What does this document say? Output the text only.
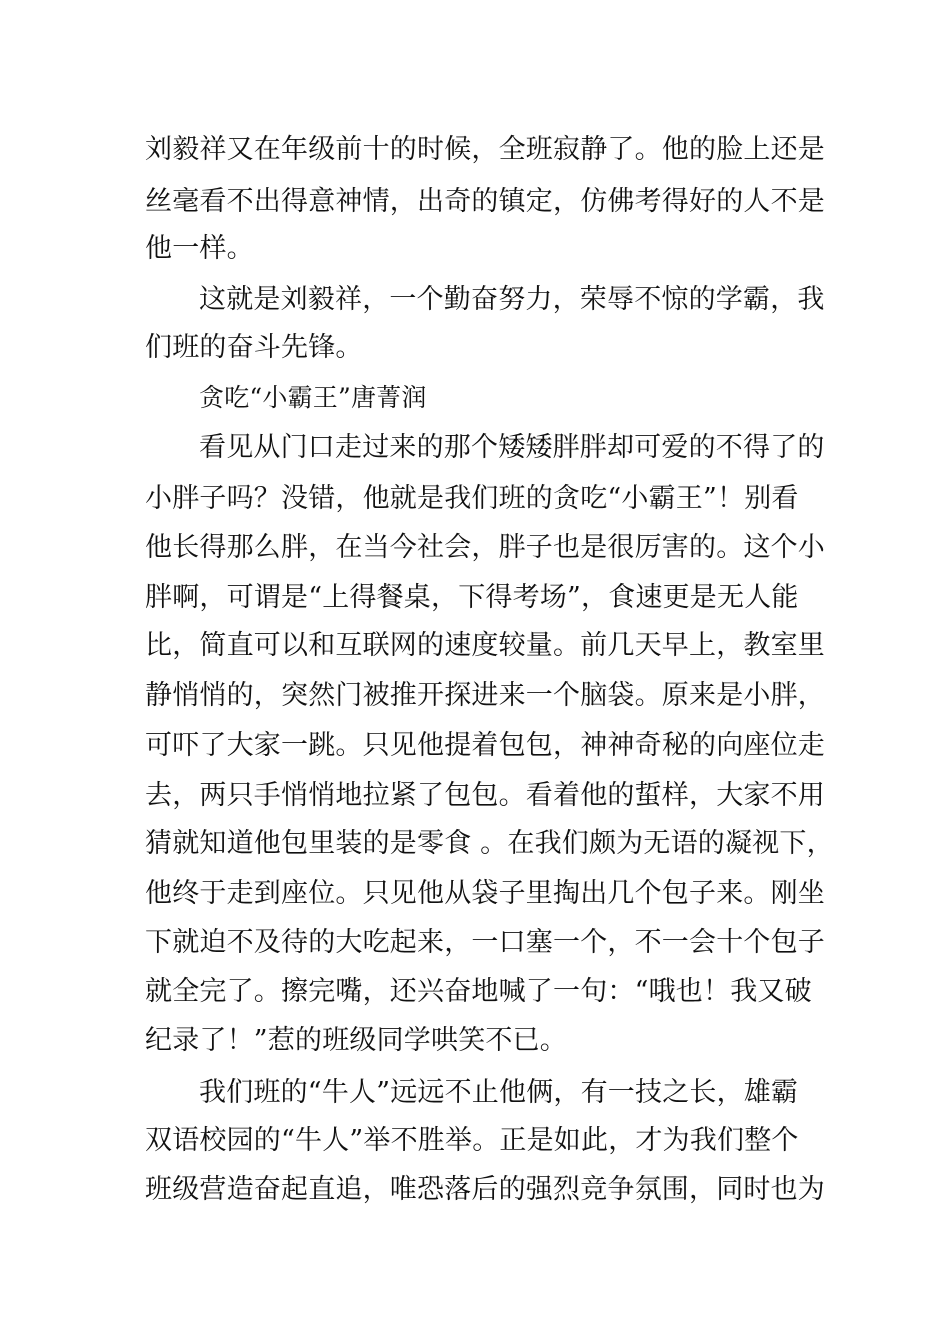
刘毅祥又在年级前十的时候，全班寂静了。他的脸上还是
丝毫看不出得意神情，出奇的镇定，仿佛考得好的人不是
他一样。
这就是刘毅祥，一个勤奋努力，荣辱不惊的学霸，我
们班的奋斗先锋。
贪吃“小霸王”唐菁润
看见从门口走过来的那个矮矮胖胖却可爱的不得了的
小胖子吗？没错，他就是我们班的贪吃“小霸王”！别看
他长得那么胖，在当今社会，胖子也是很厉害的。这个小
胖啊，可谓是“上得餐桌，下得考场”，食速更是无人能
比，简直可以和互联网的速度较量。前几天早上，教室里
静悄悄的，突然门被推开探进来一个脑袋。原来是小胖，
可吓了大家一跳。只见他提着包包，神神奇秘的向座位走
去，两只手悄悄地拉紧了包包。看着他的蜇样，大家不用
猜就知道他包里装的是零食 。在我们颇为无语的凝视下，
他终于走到座位。只见他从袋子里掏出几个包子来。刚坐
下就迫不及待的大吃起来，一口塞一个，不一会十个包子
就全完了。擦完嘴，还兴奋地喊了一句：“哦也！我又破
纪录了！”惹的班级同学哄笑不已。
我们班的“牛人”远远不止他俩，有一技之长，雄霸
双语校园的“牛人”举不胜举。正是如此，才为我们整个
班级营造奋起直追，唯恐落后的强烈竞争氛围，同时也为
